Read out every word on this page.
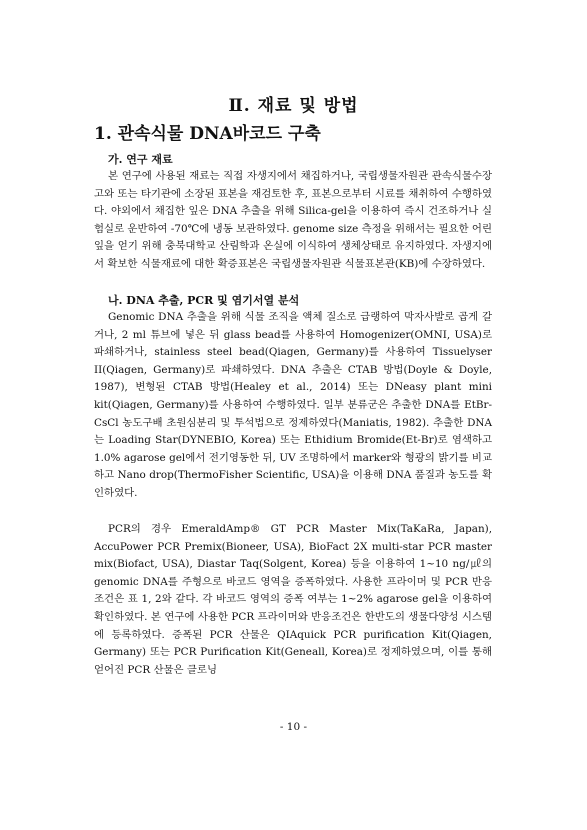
Ⅱ. 재료 및 방법
1. 관속식물 DNA바코드 구축
가. 연구 재료

본 연구에 사용된 재료는 직접 자생지에서 채집하거나, 국립생물자원관 관속식물수장고와 또는 타기관에 소장된 표본을 재검토한 후, 표본으로부터 시료를 채취하여 수행하였다. 야외에서 채집한 잎은 DNA 추출을 위해 Silica-gel을 이용하여 즉시 건조하거나 실험실로 운반하여 -70℃에 냉동 보관하였다. genome size 측정을 위해서는 필요한 어린잎을 얻기 위해 충북대학교 산림학과 온실에 이식하여 생체상태로 유지하였다. 자생지에서 확보한 식물재료에 대한 확증표본은 국립생물자원관 식물표본관(KB)에 수장하였다.

나. DNA 추출, PCR 및 염기서열 분석

Genomic DNA 추출을 위해 식물 조직을 액체 질소로 급랭하여 막자사발로 곱게 갈거나, 2 ml 튜브에 넣은 뒤 glass bead를 사용하여 Homogenizer(OMNI, USA)로 파쇄하거나, stainless steel bead(Qiagen, Germany)를 사용하여 Tissuelyser II(Qiagen, Germany)로 파쇄하였다. DNA 추출은 CTAB 방법(Doyle & Doyle, 1987), 변형된 CTAB 방법(Healey et al., 2014) 또는 DNeasy plant mini kit(Qiagen, Germany)를 사용하여 수행하였다. 일부 분류군은 추출한 DNA를 EtBr-CsCl 농도구배 초원심분리 및 투석법으로 정제하였다(Maniatis, 1982). 추출한 DNA는 Loading Star(DYNEBIO, Korea) 또는 Ethidium Bromide(Et-Br)로 염색하고 1.0% agarose gel에서 전기영동한 뒤, UV 조명하에서 marker와 형광의 밝기를 비교하고 Nano drop(ThermoFisher Scientific, USA)을 이용해 DNA 품질과 농도를 확인하였다.

PCR의 경우 EmeraldAmp® GT PCR Master Mix(TaKaRa, Japan), AccuPower PCR Premix(Bioneer, USA), BioFact 2X multi-star PCR master mix(Biofact, USA), Diastar Taq(Solgent, Korea) 등을 이용하여 1~10 ng/㎕의 genomic DNA를 주형으로 바코드 영역을 증폭하였다. 사용한 프라이머 및 PCR 반응조건은 표 1, 2와 같다. 각 바코드 영역의 증폭 여부는 1~2% agarose gel을 이용하여 확인하였다. 본 연구에 사용한 PCR 프라이머와 반응조건은 한반도의 생물다양성 시스템에 등록하였다. 증폭된 PCR 산물은 QIAquick PCR purification Kit(Qiagen, Germany) 또는 PCR Purification Kit(Geneall, Korea)로 정제하였으며, 이를 통해 얻어진 PCR 산물은 클로닝

- 10 -
